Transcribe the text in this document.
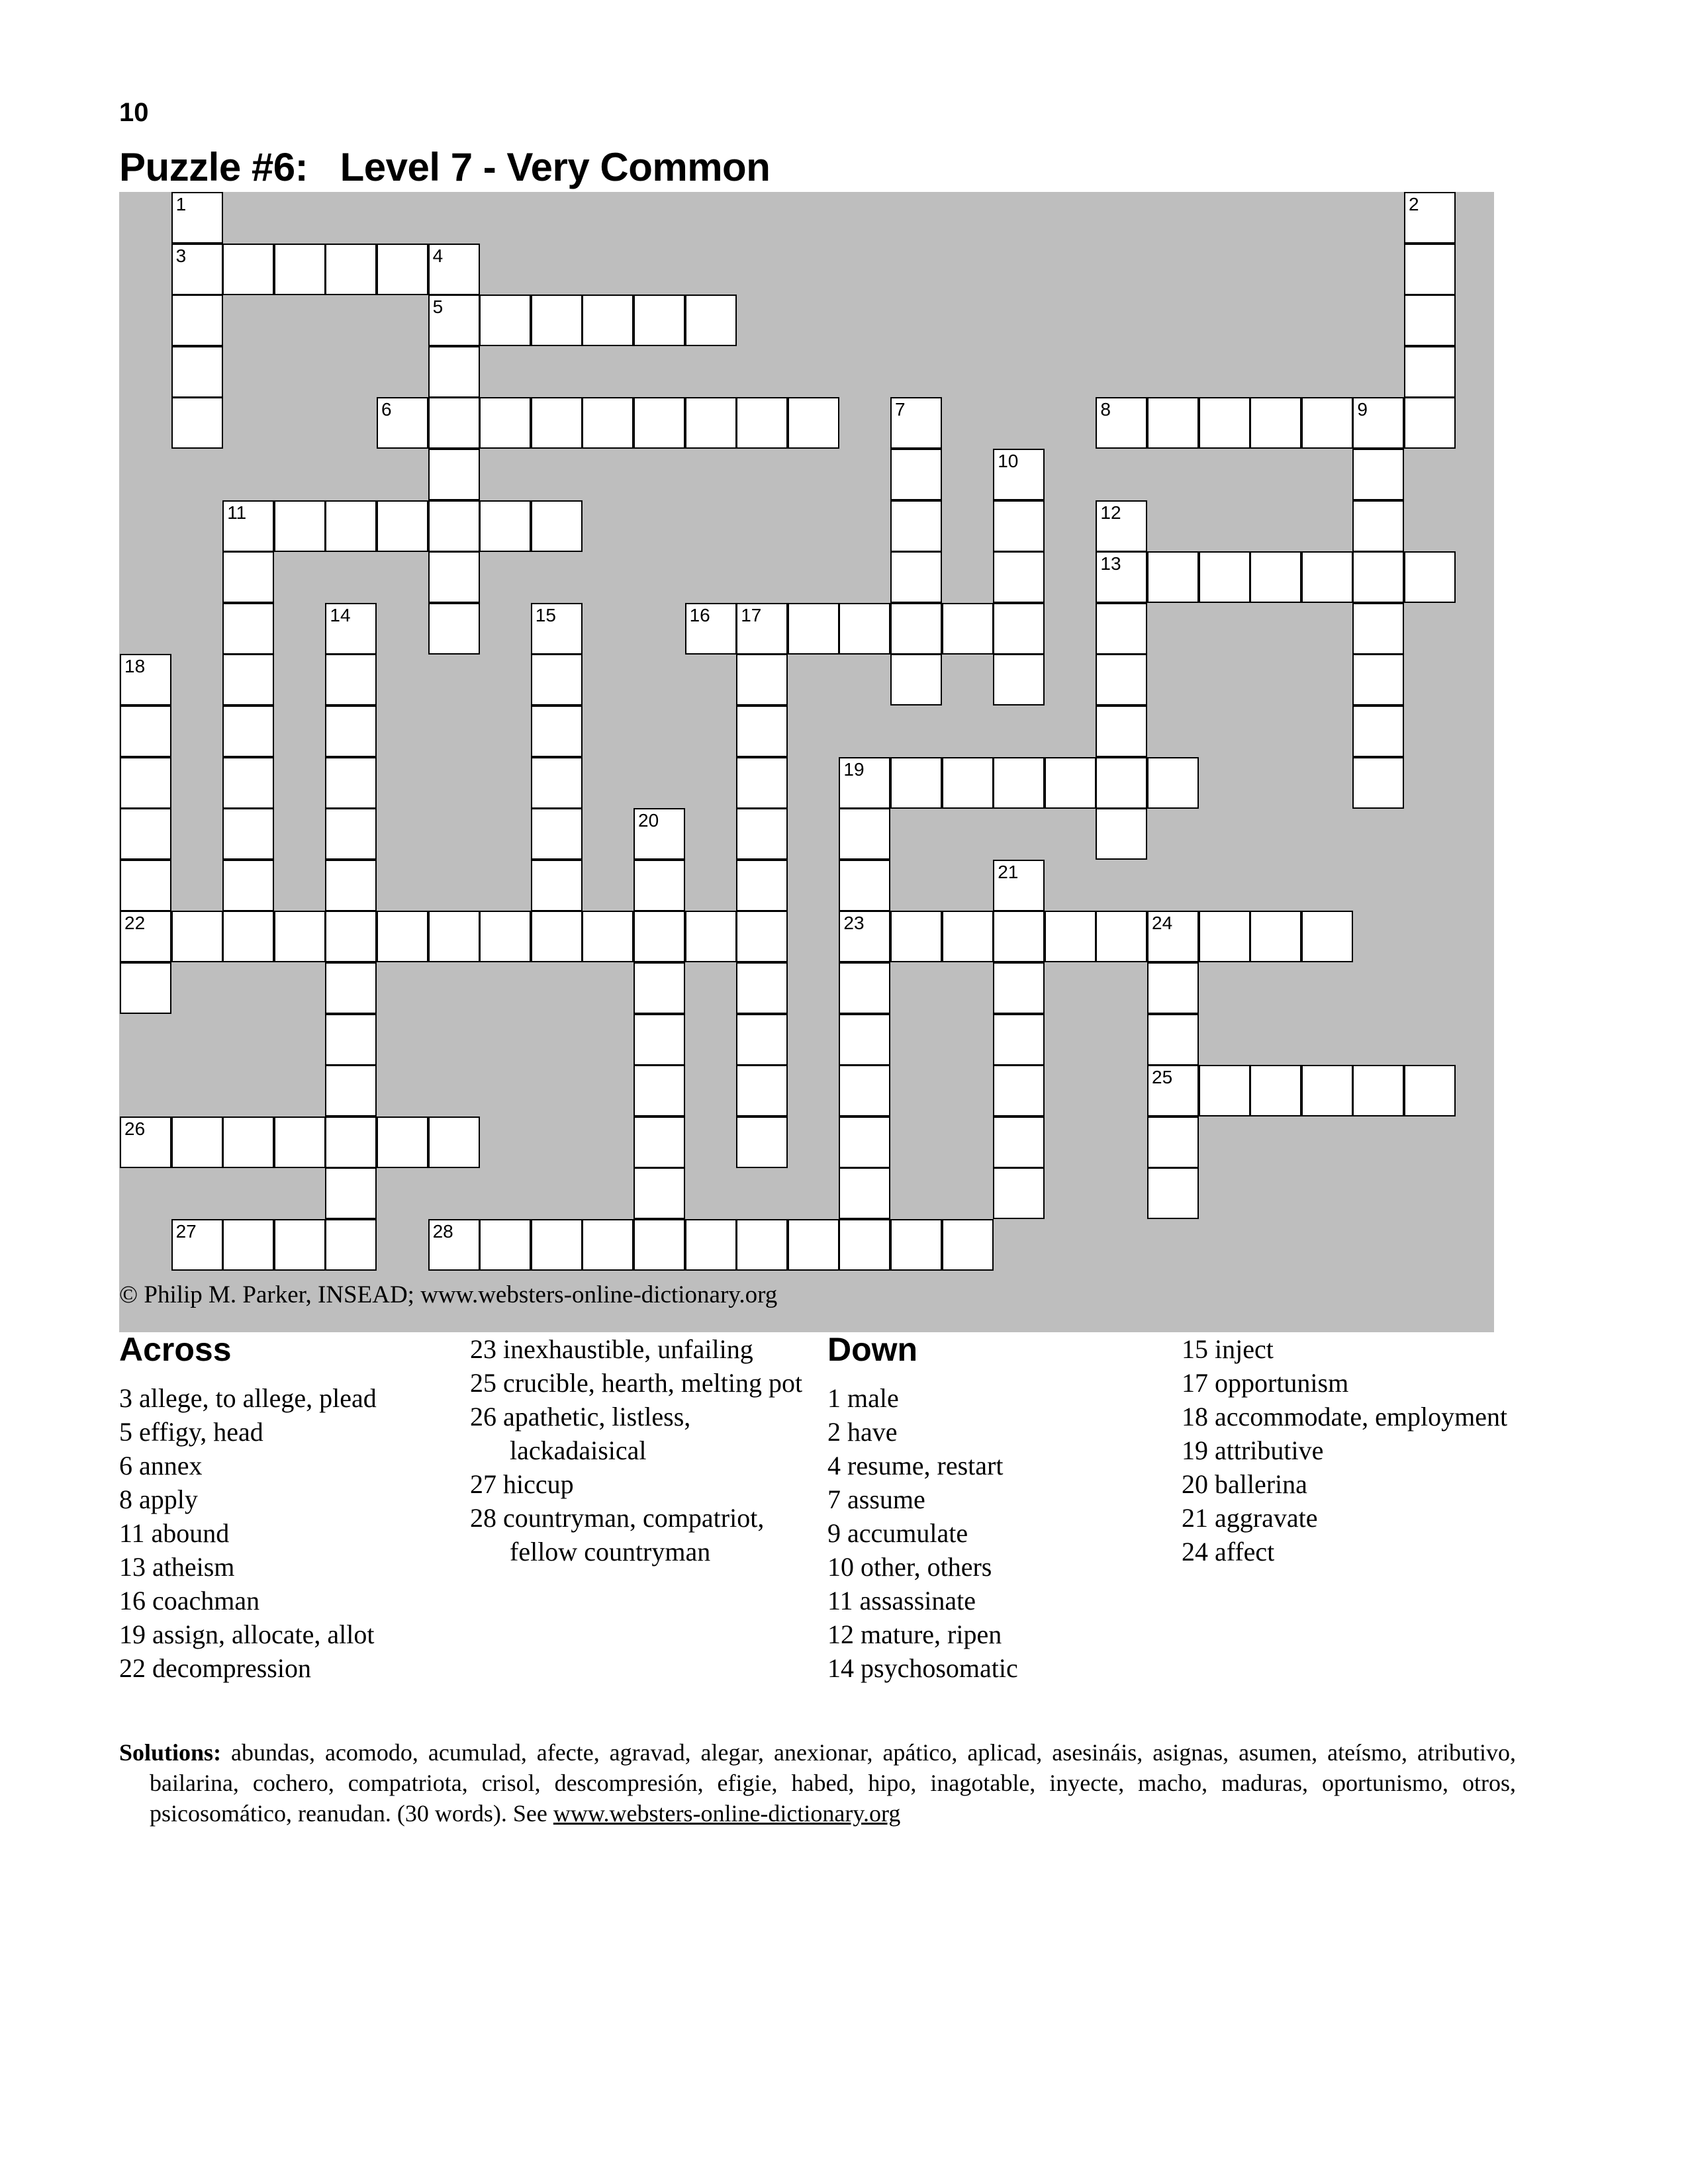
10
Puzzle #6:   Level 7 - Very Common
1
3
2
4
5
6	7	8	9
10
11	12
13
14	15	16 17
18
22
19
23
20
21
24
25
26
27	28
© Philip M. Parker, INSEAD; www.websters-online-dictionary.org
Across	Down
3 allege, to allege, plead
5 effigy, head
6 annex
8 apply
11 abound
13 atheism
16 coachman
19 assign, allocate, allot
22 decompression
23 inexhaustible, unfailing
25 crucible, hearth, melting pot
26 apathetic, listless, lackadaisical
27 hiccup
28 countryman, compatriot, fellow countryman
1 male
2 have
4 resume, restart
7 assume
9 accumulate
10 other, others
11 assassinate
12 mature, ripen
14 psychosomatic
15 inject
17 opportunism
18 accommodate, employment
19 attributive
20 ballerina
21 aggravate
24 affect
Solutions: abundas, acomodo, acumulad, afecte, agravad, alegar, anexionar, apático, aplicad, asesináis, asignas, asumen, ateísmo, atributivo, bailarina, cochero, compatriota, crisol, descompresión, efigie, habed, hipo, inagotable, inyecte, macho, maduras, oportunismo, otros, psicosomático, reanudan. (30 words). See www.websters-online-dictionary.org
